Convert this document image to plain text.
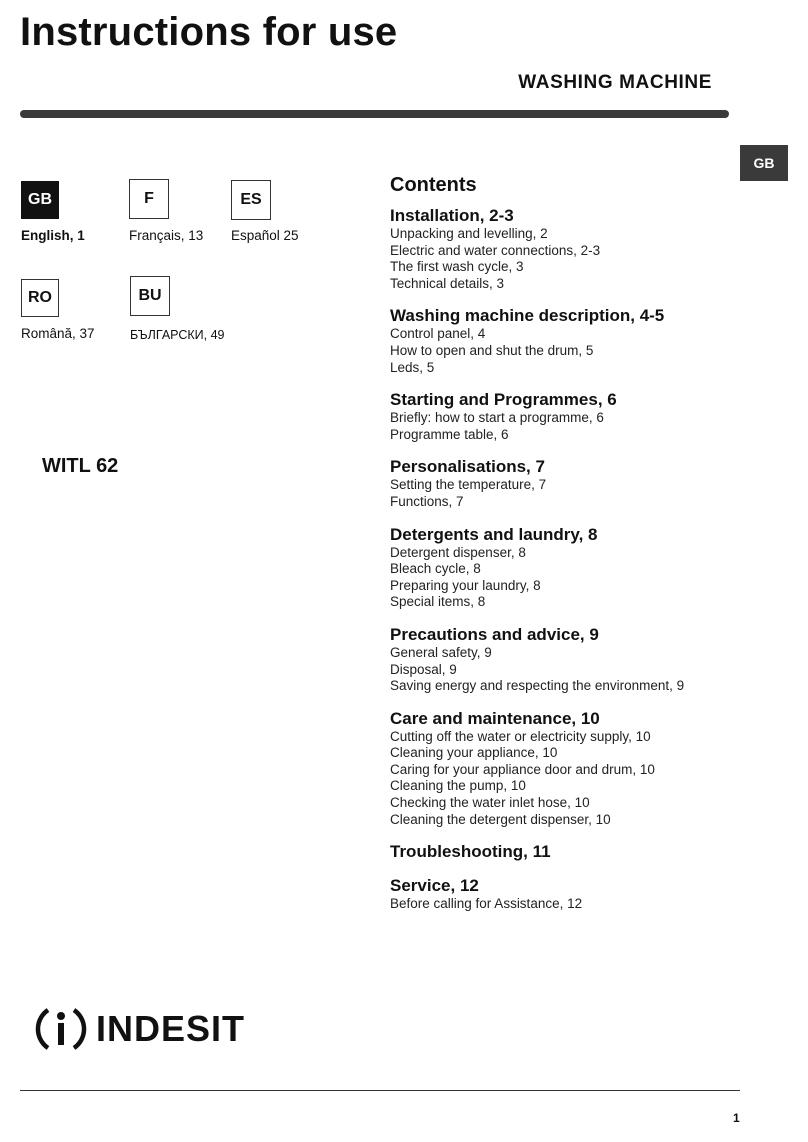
Instructions for use
WASHING MACHINE
GB
GB
English, 1
F
Français, 13
ES
Español 25
RO
Română, 37
BU
БЪЛГАРСКИ, 49
WITL 62
Contents
Installation, 2-3
Unpacking and levelling, 2
Electric and water connections, 2-3
The first wash cycle, 3
Technical details, 3
Washing machine description, 4-5
Control panel, 4
How to open and shut the drum, 5
Leds, 5
Starting and Programmes, 6
Briefly: how to start a programme, 6
Programme table, 6
Personalisations, 7
Setting the temperature, 7
Functions, 7
Detergents and laundry, 8
Detergent dispenser, 8
Bleach cycle, 8
Preparing your laundry, 8
Special items, 8
Precautions and advice, 9
General safety, 9
Disposal, 9
Saving energy and respecting the environment, 9
Care and maintenance, 10
Cutting off the water or electricity supply, 10
Cleaning your appliance, 10
Caring for your appliance door and drum, 10
Cleaning the pump, 10
Checking the water inlet hose, 10
Cleaning the detergent dispenser, 10
Troubleshooting, 11
Service, 12
Before calling for Assistance, 12
INDESIT
1
